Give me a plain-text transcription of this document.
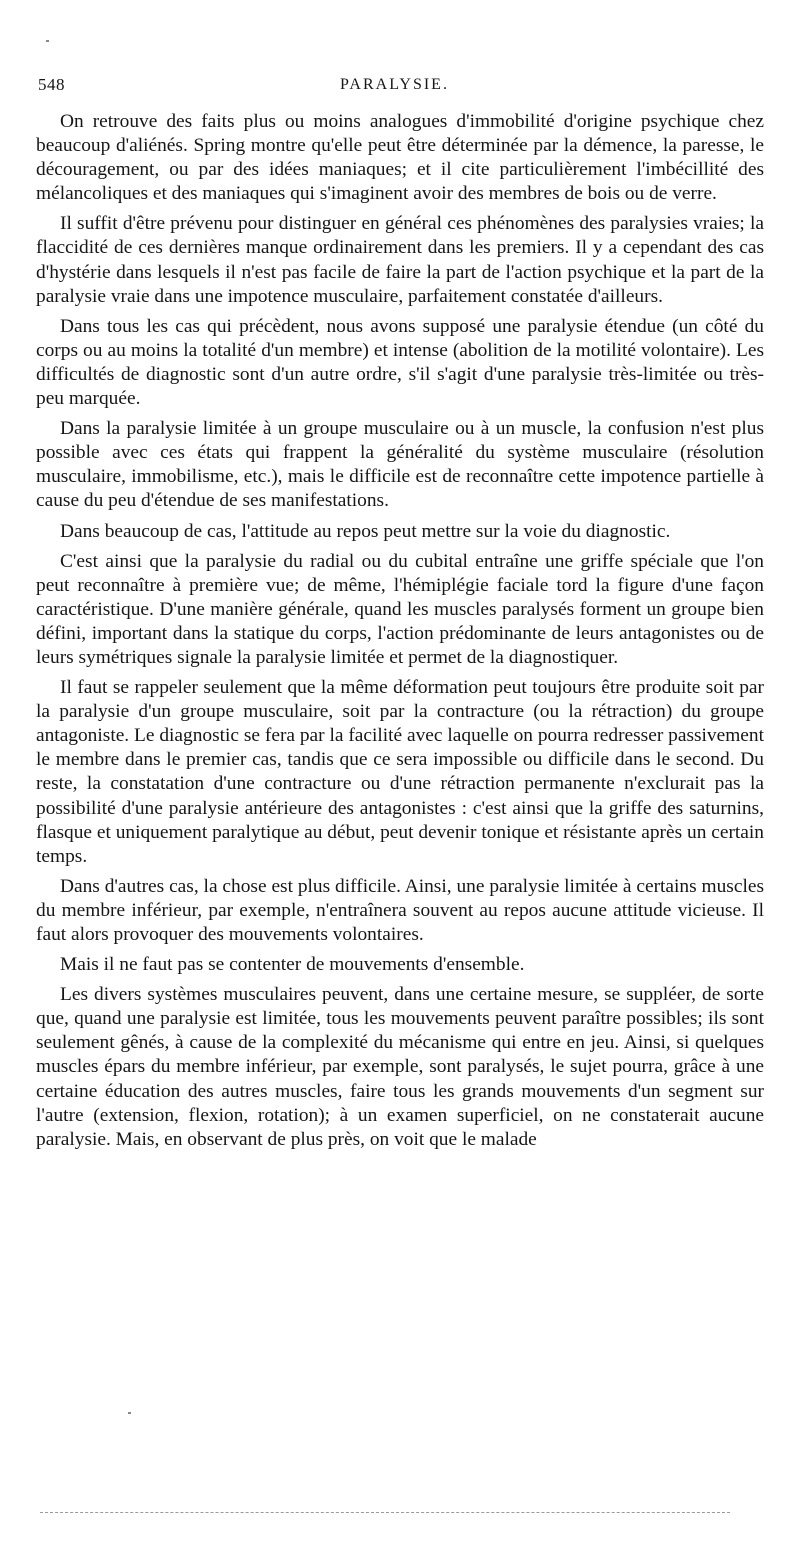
548	PARALYSIE.

On retrouve des faits plus ou moins analogues d'immobilité d'origine psychique chez beaucoup d'aliénés. Spring montre qu'elle peut être déterminée par la démence, la paresse, le découragement, ou par des idées maniaques; et il cite particulièrement l'imbécillité des mélancoliques et des maniaques qui s'imaginent avoir des membres de bois ou de verre.

Il suffit d'être prévenu pour distinguer en général ces phénomènes des paralysies vraies; la flaccidité de ces dernières manque ordinairement dans les premiers. Il y a cependant des cas d'hystérie dans lesquels il n'est pas facile de faire la part de l'action psychique et la part de la paralysie vraie dans une impotence musculaire, parfaitement constatée d'ailleurs.

Dans tous les cas qui précèdent, nous avons supposé une paralysie étendue (un côté du corps ou au moins la totalité d'un membre) et intense (abolition de la motilité volontaire). Les difficultés de diagnostic sont d'un autre ordre, s'il s'agit d'une paralysie très-limitée ou très-peu marquée.

Dans la paralysie limitée à un groupe musculaire ou à un muscle, la confusion n'est plus possible avec ces états qui frappent la généralité du système musculaire (résolution musculaire, immobilisme, etc.), mais le difficile est de reconnaître cette impotence partielle à cause du peu d'étendue de ses manifestations.

Dans beaucoup de cas, l'attitude au repos peut mettre sur la voie du diagnostic.

C'est ainsi que la paralysie du radial ou du cubital entraîne une griffe spéciale que l'on peut reconnaître à première vue; de même, l'hémiplégie faciale tord la figure d'une façon caractéristique. D'une manière générale, quand les muscles paralysés forment un groupe bien défini, important dans la statique du corps, l'action prédominante de leurs antagonistes ou de leurs symétriques signale la paralysie limitée et permet de la diagnostiquer.

Il faut se rappeler seulement que la même déformation peut toujours être produite soit par la paralysie d'un groupe musculaire, soit par la contracture (ou la rétraction) du groupe antagoniste. Le diagnostic se fera par la facilité avec laquelle on pourra redresser passivement le membre dans le premier cas, tandis que ce sera impossible ou difficile dans le second. Du reste, la constatation d'une contracture ou d'une rétraction permanente n'exclurait pas la possibilité d'une paralysie antérieure des antagonistes : c'est ainsi que la griffe des saturnins, flasque et uniquement paralytique au début, peut devenir tonique et résistante après un certain temps.

Dans d'autres cas, la chose est plus difficile. Ainsi, une paralysie limitée à certains muscles du membre inférieur, par exemple, n'entraînera souvent au repos aucune attitude vicieuse. Il faut alors provoquer des mouvements volontaires.

Mais il ne faut pas se contenter de mouvements d'ensemble.

Les divers systèmes musculaires peuvent, dans une certaine mesure, se suppléer, de sorte que, quand une paralysie est limitée, tous les mouvements peuvent paraître possibles; ils sont seulement gênés, à cause de la complexité du mécanisme qui entre en jeu. Ainsi, si quelques muscles épars du membre inférieur, par exemple, sont paralysés, le sujet pourra, grâce à une certaine éducation des autres muscles, faire tous les grands mouvements d'un segment sur l'autre (extension, flexion, rotation); à un examen superficiel, on ne constaterait aucune paralysie. Mais, en observant de plus près, on voit que le malade
